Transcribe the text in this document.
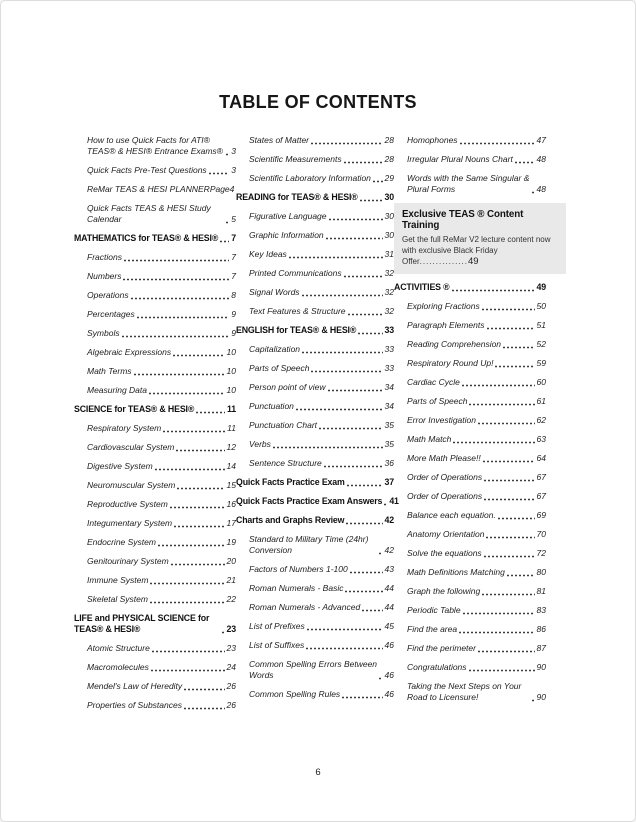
TABLE OF CONTENTS
How to use Quick Facts for ATI® TEAS® & HESI® Entrance Exams® 3
Quick Facts Pre-Test Questions	3
ReMar TEAS & HESI PLANNER Page4
Quick Facts TEAS & HESI Study Calendar	5
MATHEMATICS for TEAS® & HESI® 7
Fractions	7
Numbers	7
Operations	8
Percentages	9
Symbols	9
Algebraic Expressions	10
Math Terms	10
Measuring Data	10
SCIENCE for TEAS® & HESI®	11
Respiratory System	11
Cardiovascular System	12
Digestive System	14
Neuromuscular System	15
Reproductive System	16
Integumentary System	17
Endocrine System	19
Genitourinary System	20
Immune System	21
Skeletal System	22
LIFE and PHYSICAL SCIENCE for TEAS® & HESI®	23
Atomic Structure	23
Macromolecules	24
Mendel's Law of Heredity	26
Properties of Substances	26
States of Matter	28
Scientific Measurements	28
Scientific Laboratory Information 29
READING for TEAS® & HESI®	30
Figurative Language	30
Graphic Information	30
Key Ideas	31
Printed Communications	32
Signal Words	32
Text Features & Structure	32
ENGLISH for TEAS® & HESI®	33
Capitalization	33
Parts of Speech	33
Person point of view	34
Punctuation	34
Punctuation Chart	35
Verbs	35
Sentence Structure	36
Quick Facts Practice Exam	37
Quick Facts Practice Exam Answers 41
Charts and Graphs Review	42
Standard to Military Time (24hr) Conversion	42
Factors of Numbers 1-100	43
Roman Numerals - Basic	44
Roman Numerals - Advanced	44
List of Prefixes	45
List of Suffixes	46
Common Spelling Errors Between Words	46
Common Spelling Rules	46
Homophones	47
Irregular Plural Nouns Chart	48
Words with the Same Singular & Plural Forms	48
Exclusive TEAS ® Content Training
Get the full ReMar V2 lecture content now with exclusive Black Friday Offer...............49
ACTIVITIES ®	49
Exploring Fractions	50
Paragraph Elements	51
Reading Comprehension	52
Respiratory Round Up!	59
Cardiac Cycle	60
Parts of Speech	61
Error Investigation	62
Math Match	63
More Math Please!!	64
Order of Operations	67
Order of Operations	67
Balance each equation.	69
Anatomy Orientation	70
Solve the equations	72
Math Definitions Matching	80
Graph the following	81
Periodic Table	83
Find the area	86
Find the perimeter	87
Congratulations	90
Taking the Next Steps on Your Road to Licensure!	90
6
